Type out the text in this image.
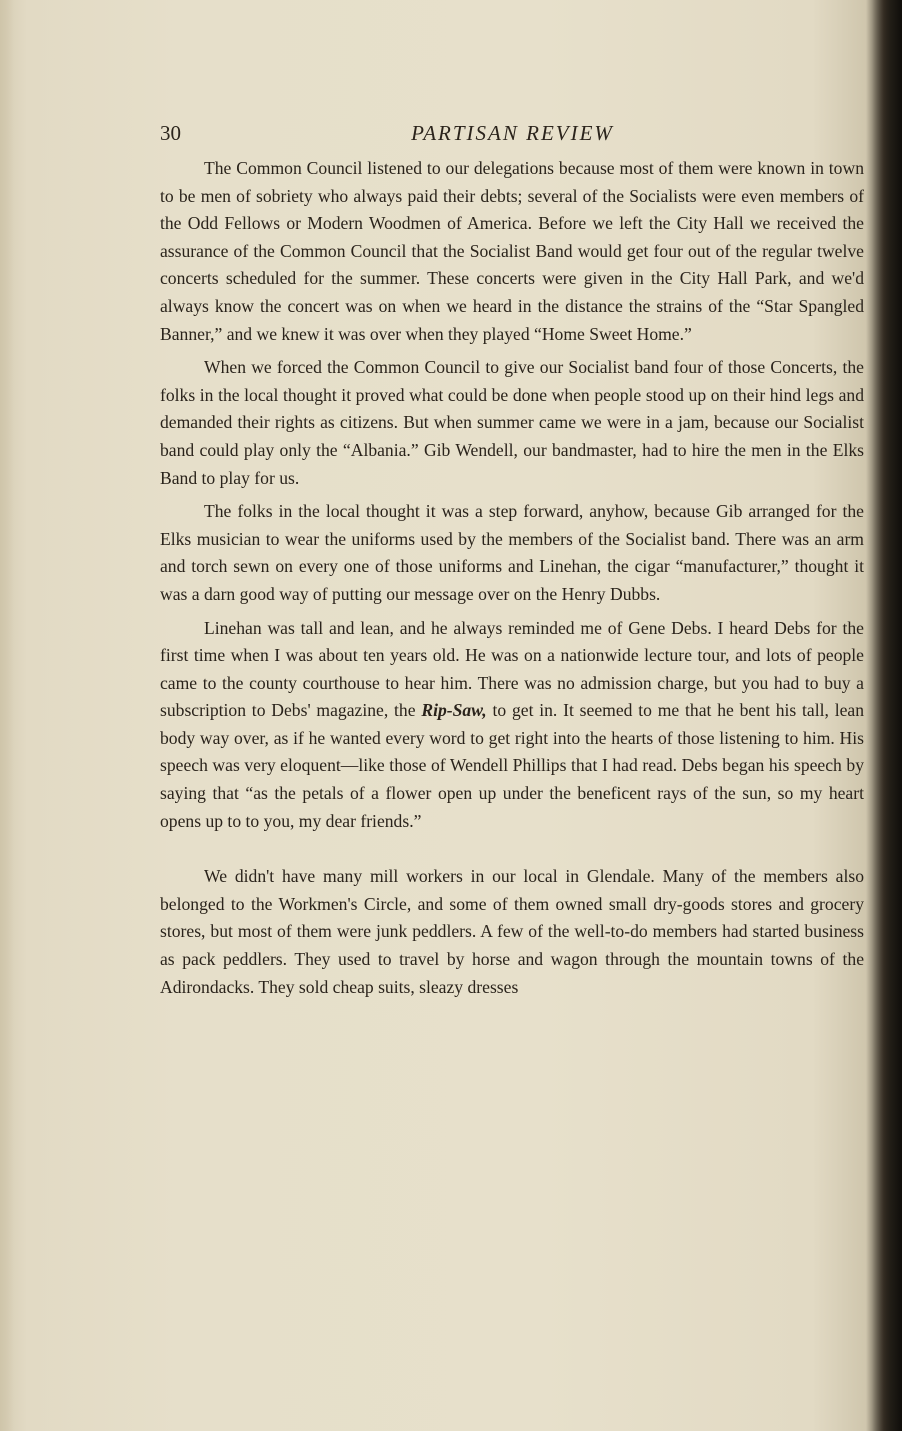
30	PARTISAN REVIEW

The Common Council listened to our delegations because most of them were known in town to be men of sobriety who always paid their debts; several of the Socialists were even members of the Odd Fellows or Modern Woodmen of America. Before we left the City Hall we received the assurance of the Common Council that the Socialist Band would get four out of the regular twelve concerts scheduled for the summer. These concerts were given in the City Hall Park, and we'd always know the concert was on when we heard in the distance the strains of the “Star Spangled Banner,” and we knew it was over when they played “Home Sweet Home.”

When we forced the Common Council to give our Socialist band four of those Concerts, the folks in the local thought it proved what could be done when people stood up on their hind legs and demanded their rights as citizens. But when summer came we were in a jam, because our Socialist band could play only the “Albania.” Gib Wendell, our bandmaster, had to hire the men in the Elks Band to play for us.

The folks in the local thought it was a step forward, anyhow, because Gib arranged for the Elks musician to wear the uniforms used by the members of the Socialist band. There was an arm and torch sewn on every one of those uniforms and Linehan, the cigar “manufacturer,” thought it was a darn good way of putting our message over on the Henry Dubbs.

Linehan was tall and lean, and he always reminded me of Gene Debs. I heard Debs for the first time when I was about ten years old. He was on a nationwide lecture tour, and lots of people came to the county courthouse to hear him. There was no admission charge, but you had to buy a subscription to Debs' magazine, the Rip-Saw, to get in. It seemed to me that he bent his tall, lean body way over, as if he wanted every word to get right into the hearts of those listening to him. His speech was very eloquent—like those of Wendell Phillips that I had read. Debs began his speech by saying that “as the petals of a flower open up under the beneficent rays of the sun, so my heart opens up to to you, my dear friends.”

We didn't have many mill workers in our local in Glendale. Many of the members also belonged to the Workmen's Circle, and some of them owned small dry-goods stores and grocery stores, but most of them were junk peddlers. A few of the well-to-do members had started business as pack peddlers. They used to travel by horse and wagon through the mountain towns of the Adirondacks. They sold cheap suits, sleazy dresses
